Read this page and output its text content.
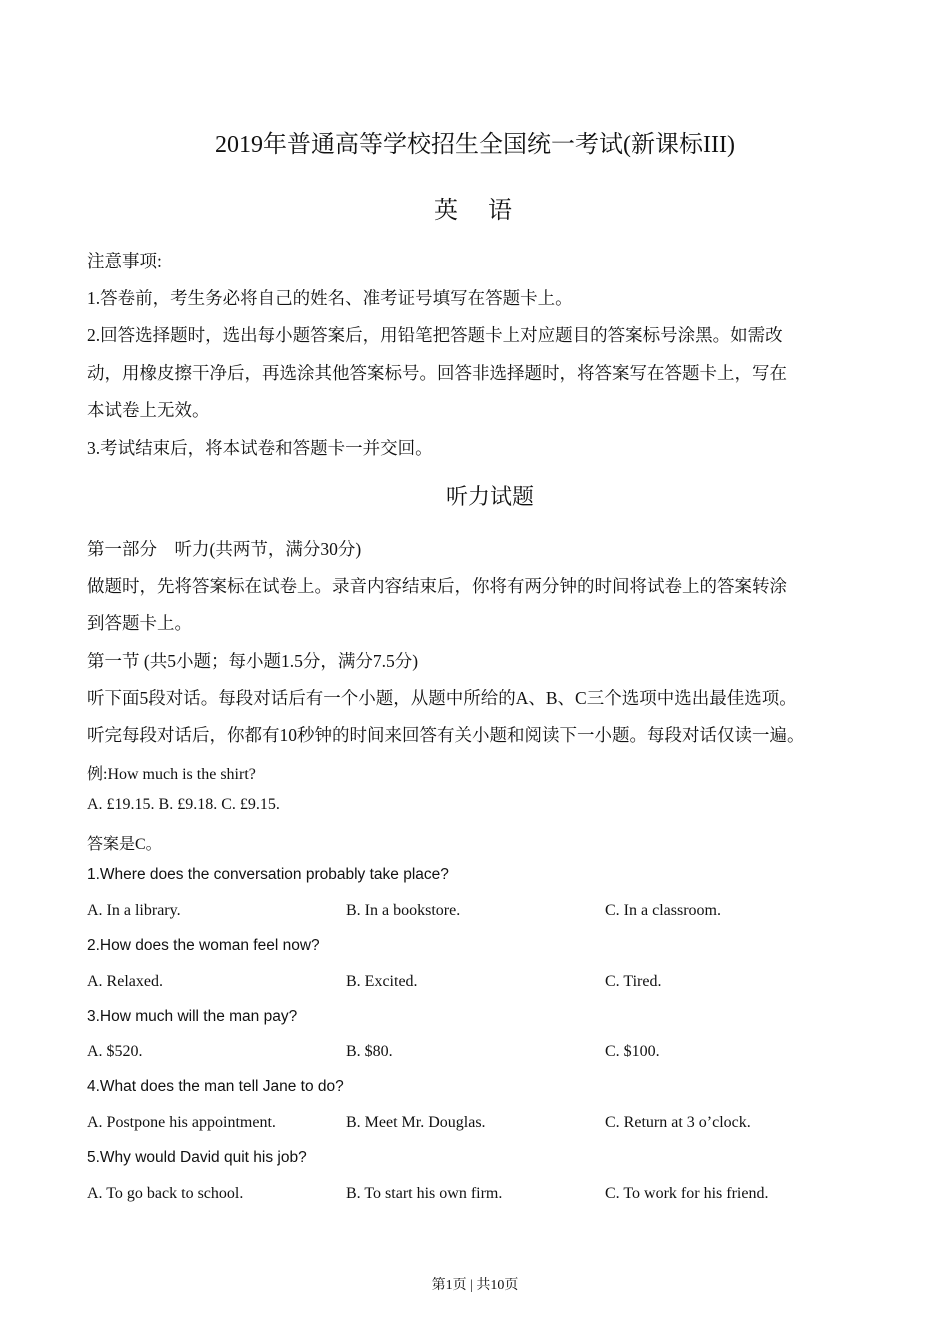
2019年普通高等学校招生全国统一考试(新课标III)
英语
注意事项:
1.答卷前，考生务必将自己的姓名、准考证号填写在答题卡上。
2.回答选择题时，选出每小题答案后，用铅笔把答题卡上对应题目的答案标号涂黑。如需改
动，用橡皮擦干净后，再选涂其他答案标号。回答非选择题时，将答案写在答题卡上，写在
本试卷上无效。
3.考试结束后，将本试卷和答题卡一并交回。
听力试题
第一部分　听力(共两节，满分30分)
做题时，先将答案标在试卷上。录音内容结束后，你将有两分钟的时间将试卷上的答案转涂
到答题卡上。
第一节 (共5小题；每小题1.5分，满分7.5分)
听下面5段对话。每段对话后有一个小题，从题中所给的A、B、C三个选项中选出最佳选项。
听完每段对话后，你都有10秒钟的时间来回答有关小题和阅读下一小题。每段对话仅读一遍。
例:How much is the shirt?
A. £19.15. B. £9.18. C. £9.15.
答案是C。
1.Where does the conversation probably take place?
A. In a library.	B. In a bookstore.	C. In a classroom.
2.How does the woman feel now?
A. Relaxed.	B. Excited.	C. Tired.
3.How much will the man pay?
A. $520.	B. $80.	C. $100.
4.What does the man tell Jane to do?
A. Postpone his appointment.	B. Meet Mr. Douglas.	C. Return at 3 o’clock.
5.Why would David quit his job?
A. To go back to school.	B. To start his own firm.	C. To work for his friend.
第1页 | 共10页
